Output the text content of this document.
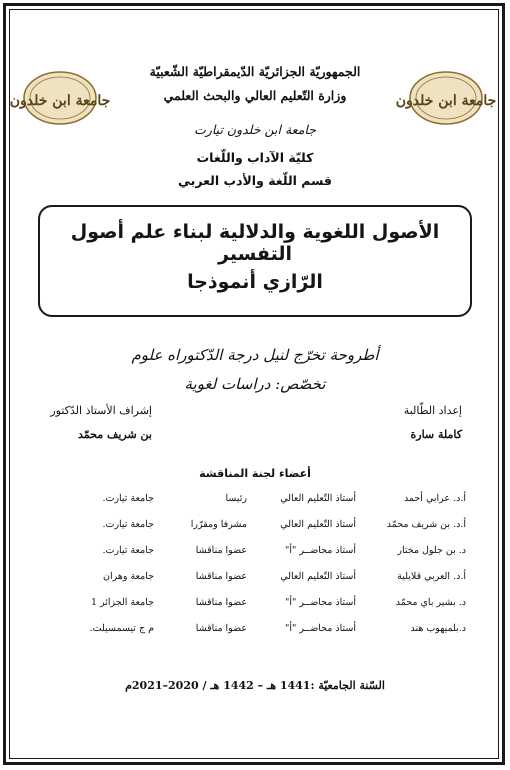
جامعة ابن خلدون	جامعة ابن خلدون
الجمهوريّة الجزائريّة الدّيمقراطيّة الشّعبيّة
وزارة التّعليم العالي والبحث العلمي
جامعة ابن خلدون تيارت
كليّة الآداب واللّغات
قسم اللّغة والأدب العربي
الأصول اللغوية والدلالية لبناء علم أصول التفسير
الرّازي أنموذجا
أطروحة تخرّج لنيل درجة الدّكتوراه علوم
تخصّص: دراسات لغوية
إعداد الطّالبة
كاملة سارة
إشراف الأستاذ الدّكتور
بن شريف محمّد
أعضاء لجنة المناقشة
أ.د. عرابي أحمد
أستاذ التّعليم العالي
رئيسا
جامعة تيارت.
أ.د. بن شريف محمّد
أستاذ التّعليم العالي
مشرفا ومقرّرا
جامعة تيارت.
د. بن جلول مختار
أستاذ محاضــر "أ"
عضوا مناقشا
جامعة تيارت.
أ.د. العربي قلايلية
أستاذ التّعليم العالي
عضوا مناقشا
جامعة وهران
د. بشير باي محمّد
أستاذ محاضــر "أ"
عضوا مناقشا
جامعة الجزائر 1
د.بلميهوب هند
أستاذ محاضــر "أ"
عضوا مناقشا
م ج تيسمسيلت.
السّنة الجامعيّة :1441 هـ – 1442 هـ / 2020–2021م
